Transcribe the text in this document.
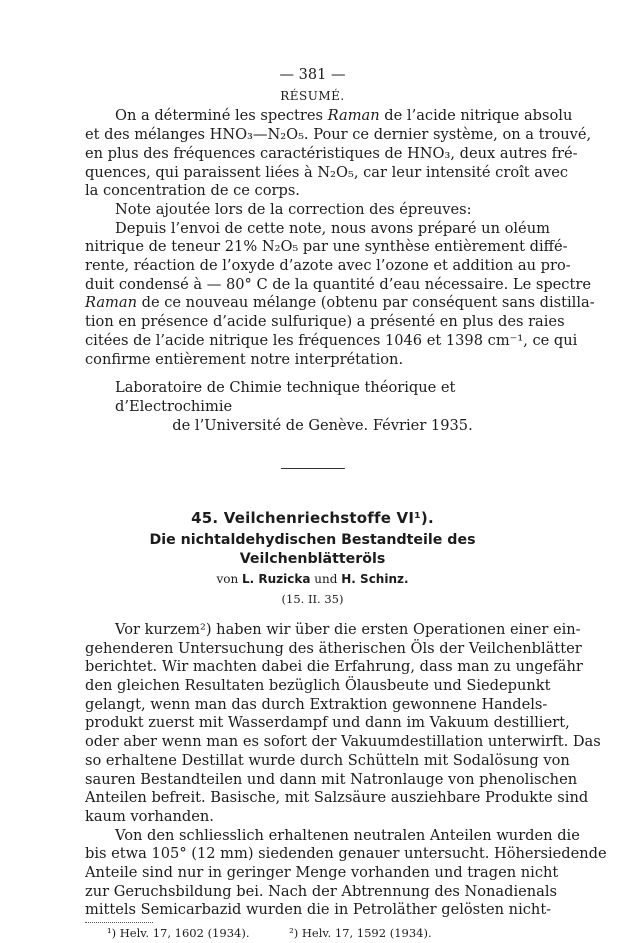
— 381 —
RÉSUMÉ.
On a déterminé les spectres Raman de l’acide nitrique absolu
et des mélanges HNO₃—N₂O₅. Pour ce dernier système, on a trouvé,
en plus des fréquences caractéristiques de HNO₃, deux autres fré-
quences, qui paraissent liées à N₂O₅, car leur intensité croît avec
la concentration de ce corps.
Note ajoutée lors de la correction des épreuves:
Depuis l’envoi de cette note, nous avons préparé un oléum
nitrique de teneur 21% N₂O₅ par une synthèse entièrement diffé-
rente, réaction de l’oxyde d’azote avec l’ozone et addition au pro-
duit condensé à — 80° C de la quantité d’eau nécessaire. Le spectre
Raman de ce nouveau mélange (obtenu par conséquent sans distilla-
tion en présence d’acide sulfurique) a présenté en plus des raies
citées de l’acide nitrique les fréquences 1046 et 1398 cm⁻¹, ce qui
confirme entièrement notre interprétation.
Laboratoire de Chimie technique théorique et d’Electrochimie
de l’Université de Genève. Février 1935.
45. Veilchenriechstoffe VI¹).
Die nichtaldehydischen Bestandteile des Veilchenblätteröls
von L. Ruzicka und H. Schinz.
(15. II. 35)
Vor kurzem²) haben wir über die ersten Operationen einer ein-
gehenderen Untersuchung des ätherischen Öls der Veilchenblätter
berichtet. Wir machten dabei die Erfahrung, dass man zu ungefähr
den gleichen Resultaten bezüglich Ölausbeute und Siedepunkt
gelangt, wenn man das durch Extraktion gewonnene Handels-
produkt zuerst mit Wasserdampf und dann im Vakuum destilliert,
oder aber wenn man es sofort der Vakuumdestillation unterwirft. Das
so erhaltene Destillat wurde durch Schütteln mit Sodalösung von
sauren Bestandteilen und dann mit Natronlauge von phenolischen
Anteilen befreit. Basische, mit Salzsäure ausziehbare Produkte sind
kaum vorhanden.
Von den schliesslich erhaltenen neutralen Anteilen wurden die
bis etwa 105° (12 mm) siedenden genauer untersucht. Höhersiedende
Anteile sind nur in geringer Menge vorhanden und tragen nicht
zur Geruchsbildung bei. Nach der Abtrennung des Nonadienals
mittels Semicarbazid wurden die in Petroläther gelösten nicht-
¹) Helv. 17, 1602 (1934).	²) Helv. 17, 1592 (1934).
